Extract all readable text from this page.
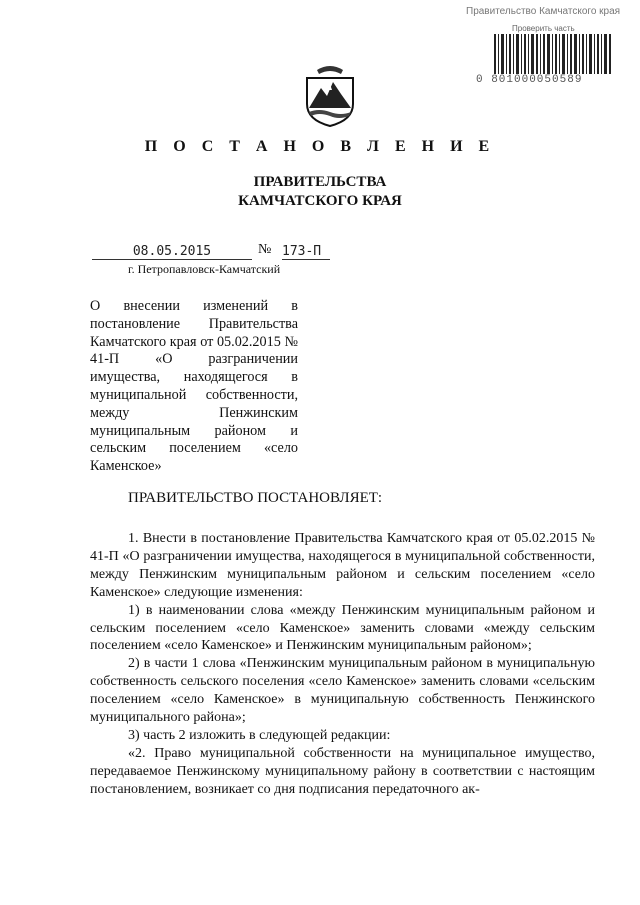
Правительство Камчатского края
Проверить часть
0 801000050589
П О С Т А Н О В Л Е Н И Е
ПРАВИТЕЛЬСТВА
КАМЧАТСКОГО КРАЯ
08.05.2015	№ 173-П
г. Петропавловск-Камчатский
О внесении изменений в постановление Правительства Камчатского края от 05.02.2015 № 41-П «О разграничении имущества, находящегося в муниципальной собственности, между Пенжинским муниципальным районом и сельским поселением «село Каменское»
ПРАВИТЕЛЬСТВО ПОСТАНОВЛЯЕТ:

1. Внести в постановление Правительства Камчатского края от 05.02.2015 № 41-П «О разграничении имущества, находящегося в муниципальной собственности, между Пенжинским муниципальным районом и сельским поселением «село Каменское» следующие изменения:

1) в наименовании слова «между Пенжинским муниципальным районом и сельским поселением «село Каменское» заменить словами «между сельским поселением «село Каменское» и Пенжинским муниципальным районом»;

2) в части 1 слова «Пенжинским муниципальным районом в муниципальную собственность сельского поселения «село Каменское» заменить словами «сельским поселением «село Каменское» в муниципальную собственность Пенжинского муниципального района»;

3) часть 2 изложить в следующей редакции:

«2. Право муниципальной собственности на муниципальное имущество, передаваемое Пенжинскому муниципальному району в соответствии с настоящим постановлением, возникает со дня подписания передаточного ак-
